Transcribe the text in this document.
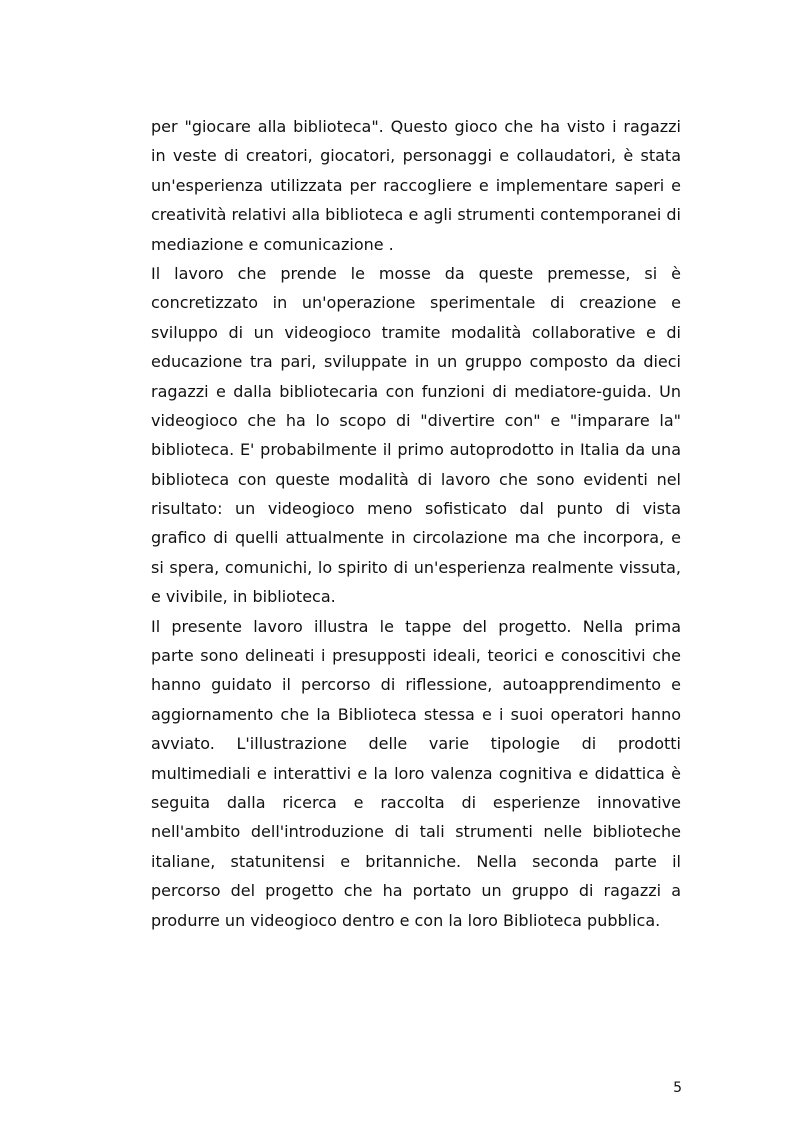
per "giocare alla biblioteca". Questo gioco che ha visto i ragazzi
in veste di creatori, giocatori, personaggi e collaudatori, è stata
un'esperienza utilizzata per raccogliere e implementare saperi e
creatività relativi alla biblioteca e agli strumenti contemporanei di
mediazione e comunicazione .
Il lavoro che prende le mosse da queste premesse, si è
concretizzato in un'operazione sperimentale di creazione e
sviluppo di un videogioco tramite modalità collaborative e di
educazione tra pari, sviluppate in un gruppo composto da dieci
ragazzi e dalla bibliotecaria con funzioni di mediatore-guida. Un
videogioco che ha lo scopo di "divertire con" e "imparare la"
biblioteca. E' probabilmente il primo autoprodotto in Italia da una
biblioteca con queste modalità di lavoro che sono evidenti nel
risultato: un videogioco meno sofisticato dal punto di vista
grafico di quelli attualmente in circolazione ma che incorpora, e
si spera, comunichi, lo spirito di un'esperienza realmente vissuta,
e vivibile, in biblioteca.
Il presente lavoro illustra le tappe del progetto. Nella prima
parte sono delineati i presupposti ideali, teorici e conoscitivi che
hanno guidato il percorso di riflessione, autoapprendimento e
aggiornamento che la Biblioteca stessa e i suoi operatori hanno
avviato. L'illustrazione delle varie tipologie di prodotti
multimediali e interattivi e la loro valenza cognitiva e didattica è
seguita dalla ricerca e raccolta di esperienze innovative
nell'ambito dell'introduzione di tali strumenti nelle biblioteche
italiane, statunitensi e britanniche. Nella seconda parte il
percorso del progetto che ha portato un gruppo di ragazzi a
produrre un videogioco dentro e con la loro Biblioteca pubblica.
5
